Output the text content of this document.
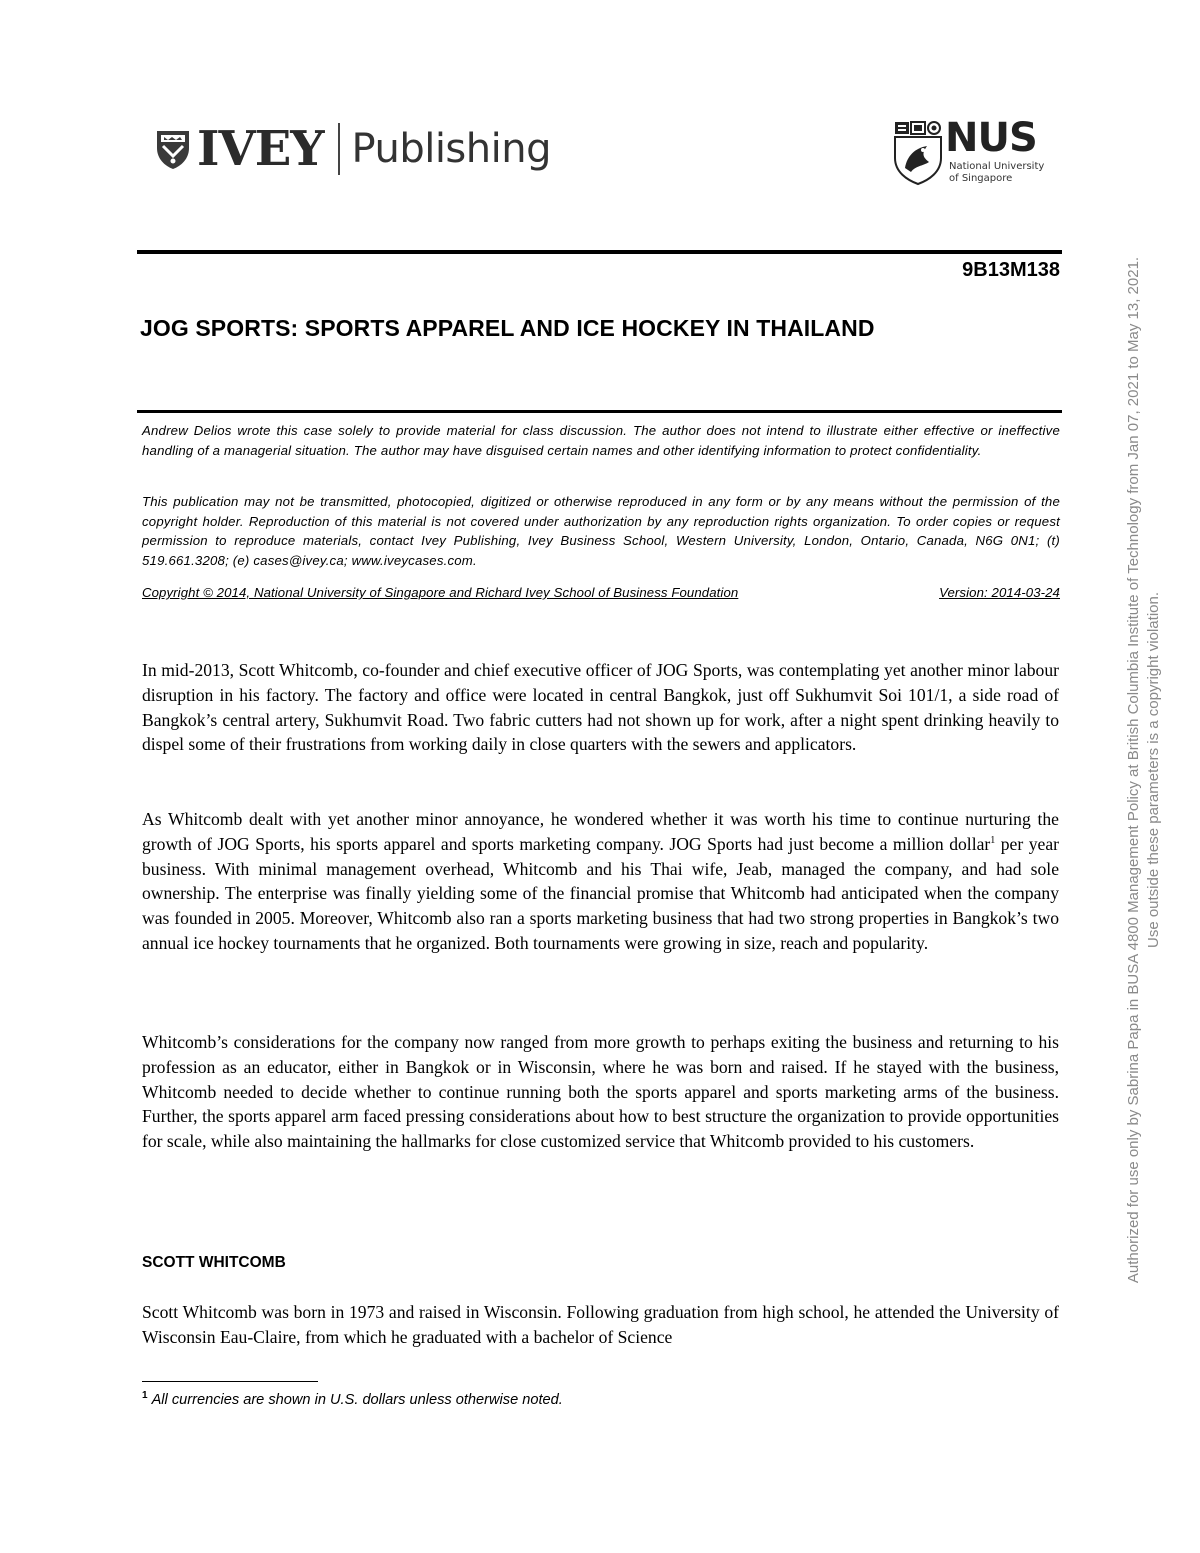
IVEY Publishing	NUS
National University
of Singapore
9B13M138
JOG SPORTS: SPORTS APPAREL AND ICE HOCKEY IN THAILAND
Andrew Delios wrote this case solely to provide material for class discussion. The author does not intend to illustrate either effective or ineffective handling of a managerial situation. The author may have disguised certain names and other identifying information to protect confidentiality.
This publication may not be transmitted, photocopied, digitized or otherwise reproduced in any form or by any means without the permission of the copyright holder. Reproduction of this material is not covered under authorization by any reproduction rights organization. To order copies or request permission to reproduce materials, contact Ivey Publishing, Ivey Business School, Western University, London, Ontario, Canada, N6G 0N1; (t) 519.661.3208; (e) cases@ivey.ca; www.iveycases.com.
Copyright © 2014, National University of Singapore and Richard Ivey School of Business Foundation	Version: 2014-03-24
In mid-2013, Scott Whitcomb, co-founder and chief executive officer of JOG Sports, was contemplating yet another minor labour disruption in his factory. The factory and office were located in central Bangkok, just off Sukhumvit Soi 101/1, a side road of Bangkok’s central artery, Sukhumvit Road. Two fabric cutters had not shown up for work, after a night spent drinking heavily to dispel some of their frustrations from working daily in close quarters with the sewers and applicators.
As Whitcomb dealt with yet another minor annoyance, he wondered whether it was worth his time to continue nurturing the growth of JOG Sports, his sports apparel and sports marketing company. JOG Sports had just become a million dollar$^1$ per year business. With minimal management overhead, Whitcomb and his Thai wife, Jeab, managed the company, and had sole ownership. The enterprise was finally yielding some of the financial promise that Whitcomb had anticipated when the company was founded in 2005. Moreover, Whitcomb also ran a sports marketing business that had two strong properties in Bangkok’s two annual ice hockey tournaments that he organized. Both tournaments were growing in size, reach and popularity.
Whitcomb’s considerations for the company now ranged from more growth to perhaps exiting the business and returning to his profession as an educator, either in Bangkok or in Wisconsin, where he was born and raised. If he stayed with the business, Whitcomb needed to decide whether to continue running both the sports apparel and sports marketing arms of the business. Further, the sports apparel arm faced pressing considerations about how to best structure the organization to provide opportunities for scale, while also maintaining the hallmarks for close customized service that Whitcomb provided to his customers.
SCOTT WHITCOMB
Scott Whitcomb was born in 1973 and raised in Wisconsin. Following graduation from high school, he attended the University of Wisconsin Eau-Claire, from which he graduated with a bachelor of Science
$^1$ All currencies are shown in U.S. dollars unless otherwise noted.
Authorized for use only by Sabrina Papa in BUSA 4800 Management Policy at British Columbia Institute of Technology from Jan 07, 2021 to May 13, 2021. Use outside these parameters is a copyright violation.
